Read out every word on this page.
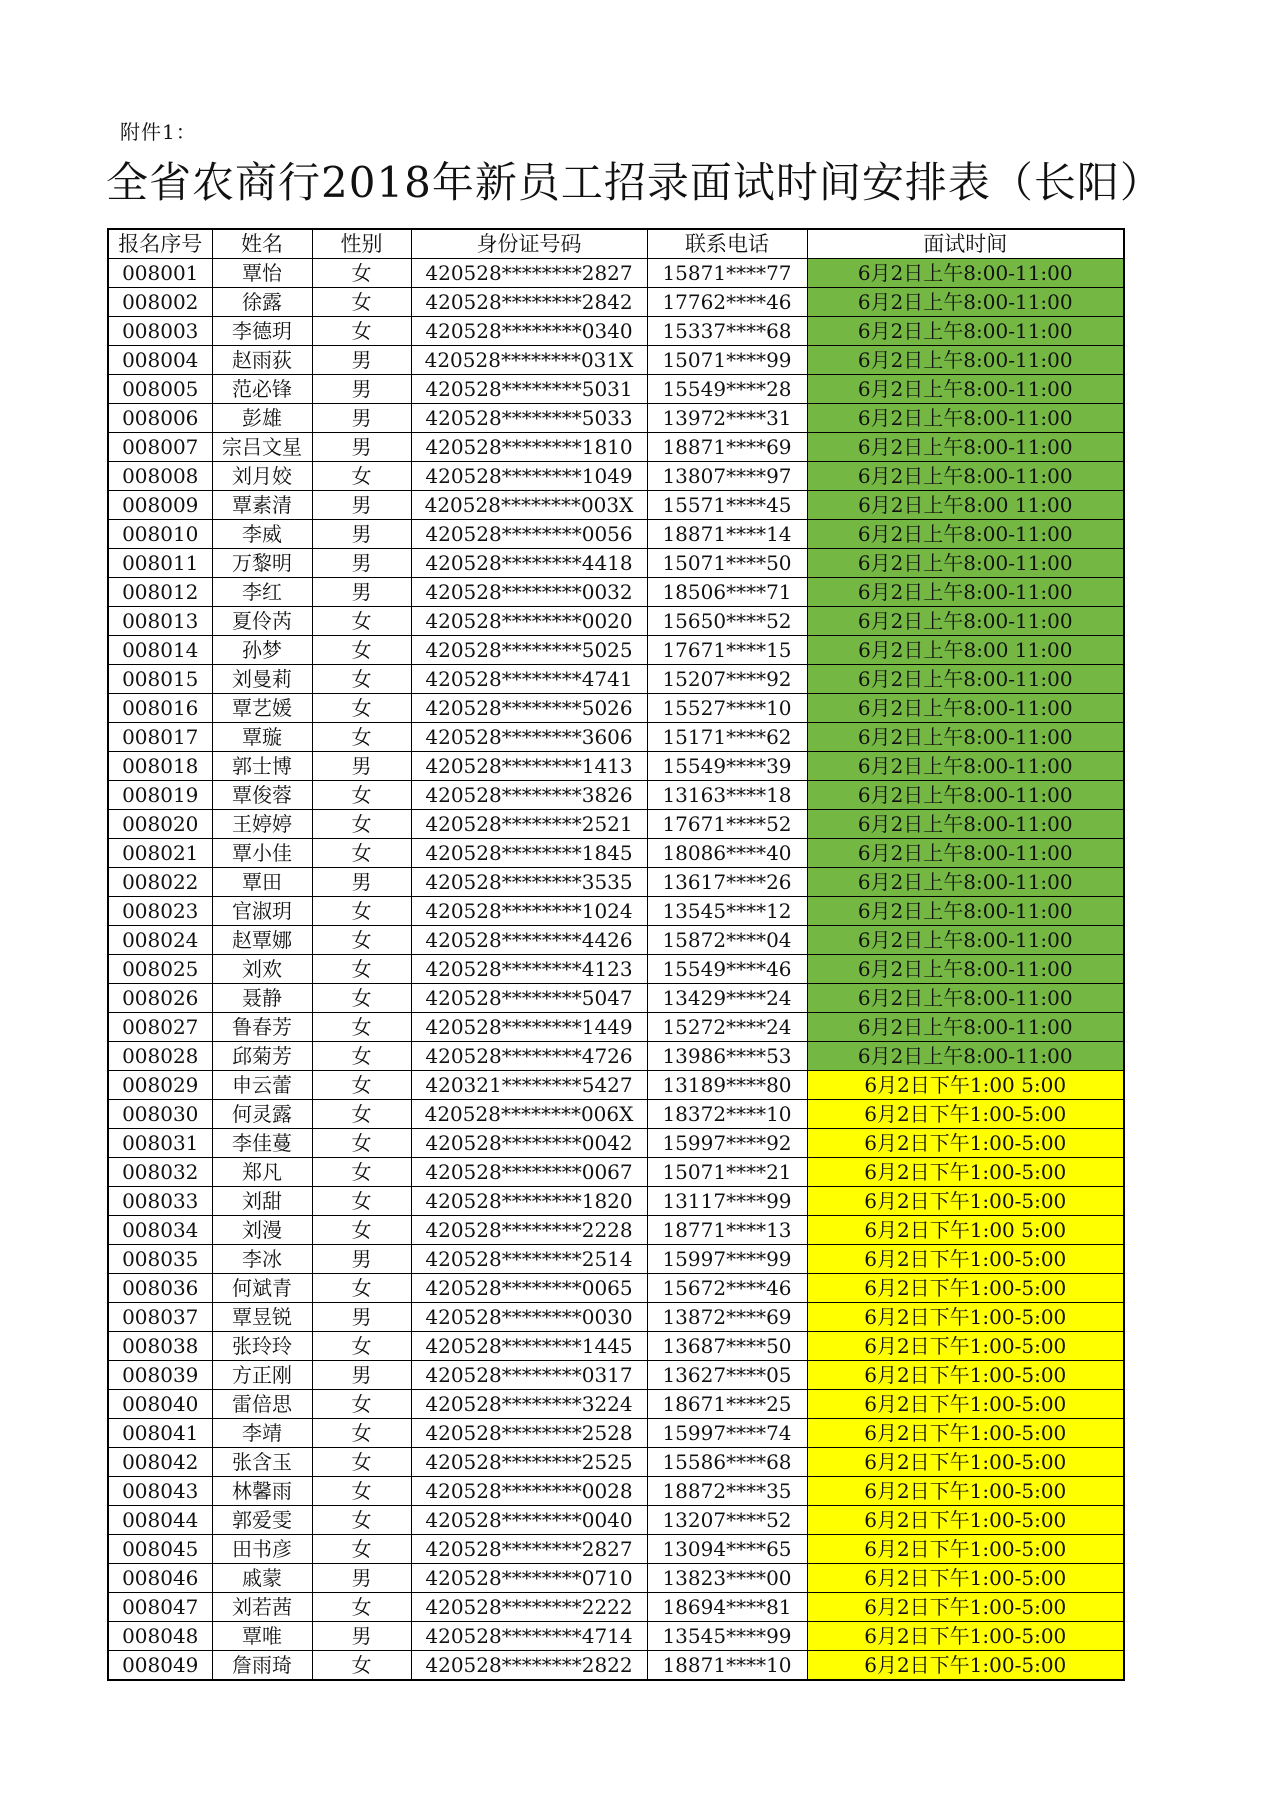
附件1：
全省农商行2018年新员工招录面试时间安排表（长阳）
报名序号	姓名	性别	身份证号码	联系电话	面试时间
008001	覃怡	女	420528********2827	15871****77	6月2日上午8:00-11:00
008002	徐露	女	420528********2842	17762****46	6月2日上午8:00-11:00
008003	李德玥	女	420528********0340	15337****68	6月2日上午8:00-11:00
008004	赵雨荻	男	420528********031X	15071****99	6月2日上午8:00-11:00
008005	范必锋	男	420528********5031	15549****28	6月2日上午8:00-11:00
008006	彭雄	男	420528********5033	13972****31	6月2日上午8:00-11:00
008007	宗吕文星	男	420528********1810	18871****69	6月2日上午8:00-11:00
008008	刘月姣	女	420528********1049	13807****97	6月2日上午8:00-11:00
008009	覃素清	男	420528********003X	15571****45	6月2日上午8:00 11:00
008010	李威	男	420528********0056	18871****14	6月2日上午8:00-11:00
008011	万黎明	男	420528********4418	15071****50	6月2日上午8:00-11:00
008012	李红	男	420528********0032	18506****71	6月2日上午8:00-11:00
008013	夏伶芮	女	420528********0020	15650****52	6月2日上午8:00-11:00
008014	孙梦	女	420528********5025	17671****15	6月2日上午8:00 11:00
008015	刘曼莉	女	420528********4741	15207****92	6月2日上午8:00-11:00
008016	覃艺媛	女	420528********5026	15527****10	6月2日上午8:00-11:00
008017	覃璇	女	420528********3606	15171****62	6月2日上午8:00-11:00
008018	郭士博	男	420528********1413	15549****39	6月2日上午8:00-11:00
008019	覃俊蓉	女	420528********3826	13163****18	6月2日上午8:00-11:00
008020	王婷婷	女	420528********2521	17671****52	6月2日上午8:00-11:00
008021	覃小佳	女	420528********1845	18086****40	6月2日上午8:00-11:00
008022	覃田	男	420528********3535	13617****26	6月2日上午8:00-11:00
008023	官淑玥	女	420528********1024	13545****12	6月2日上午8:00-11:00
008024	赵覃娜	女	420528********4426	15872****04	6月2日上午8:00-11:00
008025	刘欢	女	420528********4123	15549****46	6月2日上午8:00-11:00
008026	聂静	女	420528********5047	13429****24	6月2日上午8:00-11:00
008027	鲁春芳	女	420528********1449	15272****24	6月2日上午8:00-11:00
008028	邱菊芳	女	420528********4726	13986****53	6月2日上午8:00-11:00
008029	申云蕾	女	420321********5427	13189****80	6月2日下午1:00 5:00
008030	何灵露	女	420528********006X	18372****10	6月2日下午1:00-5:00
008031	李佳蔓	女	420528********0042	15997****92	6月2日下午1:00-5:00
008032	郑凡	女	420528********0067	15071****21	6月2日下午1:00-5:00
008033	刘甜	女	420528********1820	13117****99	6月2日下午1:00-5:00
008034	刘漫	女	420528********2228	18771****13	6月2日下午1:00 5:00
008035	李冰	男	420528********2514	15997****99	6月2日下午1:00-5:00
008036	何斌青	女	420528********0065	15672****46	6月2日下午1:00-5:00
008037	覃昱锐	男	420528********0030	13872****69	6月2日下午1:00-5:00
008038	张玲玲	女	420528********1445	13687****50	6月2日下午1:00-5:00
008039	方正刚	男	420528********0317	13627****05	6月2日下午1:00-5:00
008040	雷倍思	女	420528********3224	18671****25	6月2日下午1:00-5:00
008041	李靖	女	420528********2528	15997****74	6月2日下午1:00-5:00
008042	张含玉	女	420528********2525	15586****68	6月2日下午1:00-5:00
008043	林馨雨	女	420528********0028	18872****35	6月2日下午1:00-5:00
008044	郭爱雯	女	420528********0040	13207****52	6月2日下午1:00-5:00
008045	田书彦	女	420528********2827	13094****65	6月2日下午1:00-5:00
008046	戚蒙	男	420528********0710	13823****00	6月2日下午1:00-5:00
008047	刘若茜	女	420528********2222	18694****81	6月2日下午1:00-5:00
008048	覃唯	男	420528********4714	13545****99	6月2日下午1:00-5:00
008049	詹雨琦	女	420528********2822	18871****10	6月2日下午1:00-5:00
